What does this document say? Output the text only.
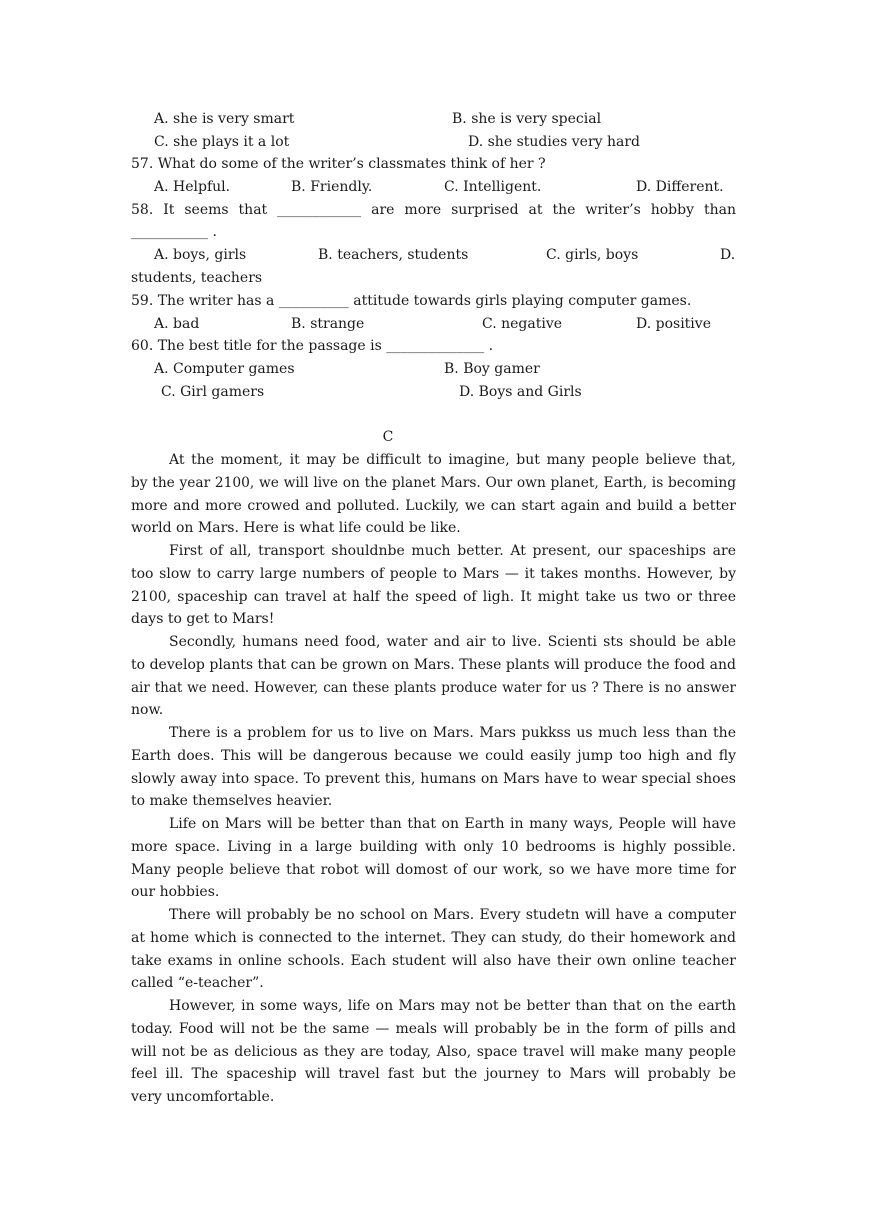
A. she is very smart	B. she is very special
C. she plays it a lot	D. she studies very hard
57. What do some of the writer’s classmates think of her ?
A. Helpful.	B. Friendly.	C. Intelligent.	D. Different.
58. It seems that ____________ are more surprised at the writer’s hobby than
___________ .
A. boys, girls	B. teachers, students	C. girls, boys	D.
students, teachers
59. The writer has a __________ attitude towards girls playing computer games.
A. bad	B. strange	C. negative	D. positive
60. The best title for the passage is ______________ .
A. Computer games	B. Boy gamer
C. Girl gamers	D. Boys and Girls
C
At the moment, it may be difficult to imagine, but many people believe that,
by the year 2100, we will live on the planet Mars. Our own planet, Earth, is becoming
more and more crowed and polluted. Luckily, we can start again and build a better
world on Mars. Here is what life could be like.
First of all, transport shouldnbe much better. At present, our spaceships are
too slow to carry large numbers of people to Mars — it takes months. However, by
2100, spaceship can travel at half the speed of ligh. It might take us two or three
days to get to Mars!
Secondly, humans need food, water and air to live. Scienti sts should be able
to develop plants that can be grown on Mars. These plants will produce the food and
air that we need. However, can these plants produce water for us ? There is no answer
now.
There is a problem for us to live on Mars. Mars pukkss us much less than the
Earth does. This will be dangerous because we could easily jump too high and fly
slowly away into space. To prevent this, humans on Mars have to wear special shoes
to make themselves heavier.
Life on Mars will be better than that on Earth in many ways, People will have
more space. Living in a large building with only 10 bedrooms is highly possible.
Many people believe that robot will domost of our work, so we have more time for
our hobbies.
There will probably be no school on Mars. Every studetn will have a computer
at home which is connected to the internet. They can study, do their homework and
take exams in online schools. Each student will also have their own online teacher
called “e-teacher”.
However, in some ways, life on Mars may not be better than that on the earth
today. Food will not be the same — meals will probably be in the form of pills and
will not be as delicious as they are today, Also, space travel will make many people
feel ill. The spaceship will travel fast but the journey to Mars will probably be
very uncomfortable.
